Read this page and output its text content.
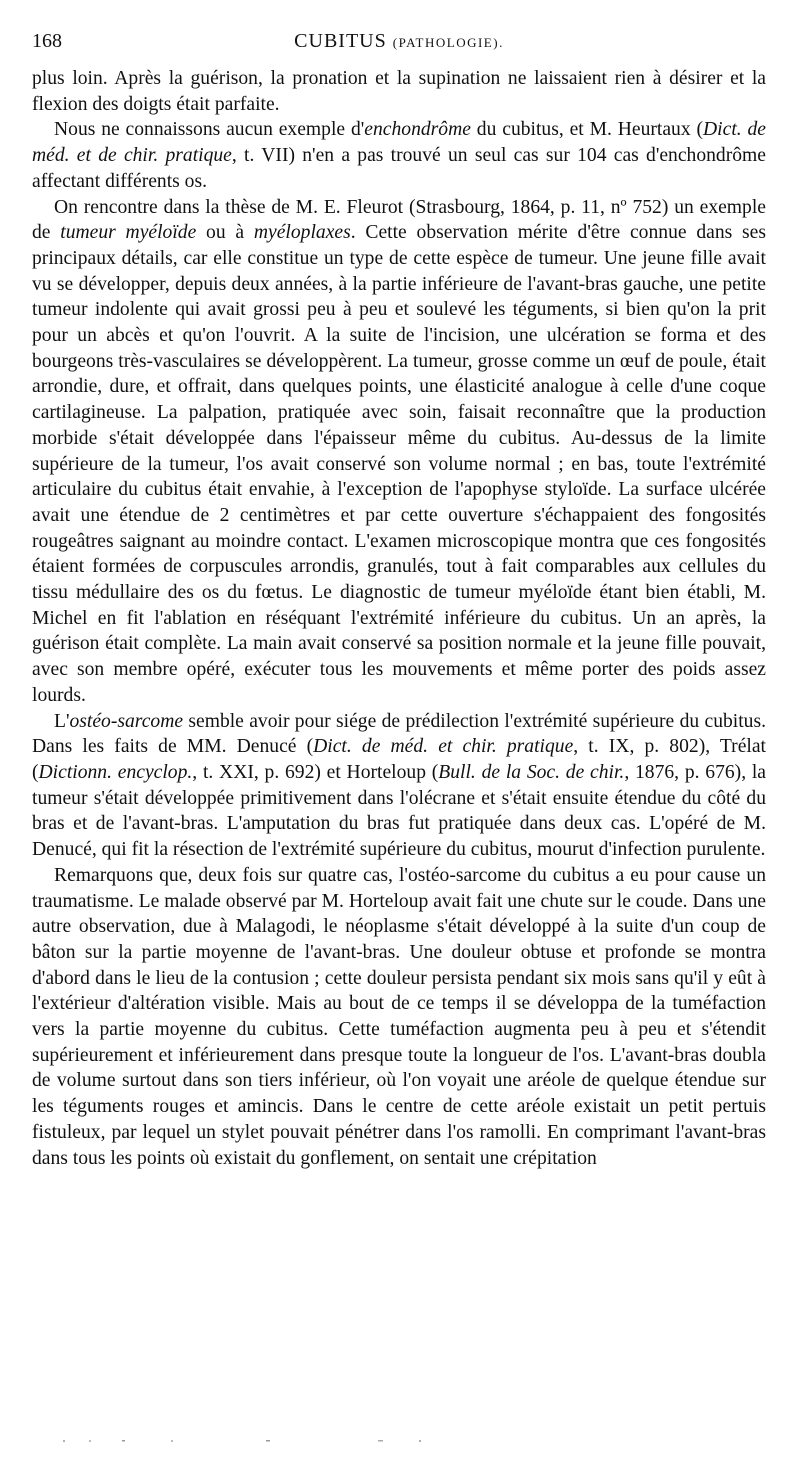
168	CUBITUS (PATHOLOGIE).

plus loin. Après la guérison, la pronation et la supination ne laissaient rien à désirer et la flexion des doigts était parfaite.

Nous ne connaissons aucun exemple d'enchondrôme du cubitus, et M. Heurtaux (Dict. de méd. et de chir. pratique, t. VII) n'en a pas trouvé un seul cas sur 104 cas d'enchondrôme affectant différents os.

On rencontre dans la thèse de M. E. Fleurot (Strasbourg, 1864, p. 11, nº 752) un exemple de tumeur myéloïde ou à myéloplaxes. Cette observation mérite d'être connue dans ses principaux détails, car elle constitue un type de cette espèce de tumeur. Une jeune fille avait vu se développer, depuis deux années, à la partie inférieure de l'avant-bras gauche, une petite tumeur indolente qui avait grossi peu à peu et soulevé les téguments, si bien qu'on la prit pour un abcès et qu'on l'ouvrit. A la suite de l'incision, une ulcération se forma et des bourgeons très-vasculaires se développèrent. La tumeur, grosse comme un œuf de poule, était arrondie, dure, et offrait, dans quelques points, une élasticité analogue à celle d'une coque cartilagineuse. La palpation, pratiquée avec soin, faisait reconnaître que la production morbide s'était développée dans l'épaisseur même du cubitus. Au-dessus de la limite supérieure de la tumeur, l'os avait conservé son volume normal ; en bas, toute l'extrémité articulaire du cubitus était envahie, à l'exception de l'apophyse styloïde. La surface ulcérée avait une étendue de 2 centimètres et par cette ouverture s'échappaient des fongosités rougeâtres saignant au moindre contact. L'examen microscopique montra que ces fongosités étaient formées de corpuscules arrondis, granulés, tout à fait comparables aux cellules du tissu médullaire des os du fœtus. Le diagnostic de tumeur myéloïde étant bien établi, M. Michel en fit l'ablation en réséquant l'extrémité inférieure du cubitus. Un an après, la guérison était complète. La main avait conservé sa position normale et la jeune fille pouvait, avec son membre opéré, exécuter tous les mouvements et même porter des poids assez lourds.

L'ostéo-sarcome semble avoir pour siége de prédilection l'extrémité supérieure du cubitus. Dans les faits de MM. Denucé (Dict. de méd. et chir. pratique, t. IX, p. 802), Trélat (Dictionn. encyclop., t. XXI, p. 692) et Horteloup (Bull. de la Soc. de chir., 1876, p. 676), la tumeur s'était développée primitivement dans l'olécrane et s'était ensuite étendue du côté du bras et de l'avant-bras. L'amputation du bras fut pratiquée dans deux cas. L'opéré de M. Denucé, qui fit la résection de l'extrémité supérieure du cubitus, mourut d'infection purulente.

Remarquons que, deux fois sur quatre cas, l'ostéo-sarcome du cubitus a eu pour cause un traumatisme. Le malade observé par M. Horteloup avait fait une chute sur le coude. Dans une autre observation, due à Malagodi, le néoplasme s'était développé à la suite d'un coup de bâton sur la partie moyenne de l'avant-bras. Une douleur obtuse et profonde se montra d'abord dans le lieu de la contusion ; cette douleur persista pendant six mois sans qu'il y eût à l'extérieur d'altération visible. Mais au bout de ce temps il se développa de la tuméfaction vers la partie moyenne du cubitus. Cette tuméfaction augmenta peu à peu et s'étendit supérieurement et inférieurement dans presque toute la longueur de l'os. L'avant-bras doubla de volume surtout dans son tiers inférieur, où l'on voyait une aréole de quelque étendue sur les téguments rouges et amincis. Dans le centre de cette aréole existait un petit pertuis fistuleux, par lequel un stylet pouvait pénétrer dans l'os ramolli. En comprimant l'avant-bras dans tous les points où existait du gonflement, on sentait une crépitation
